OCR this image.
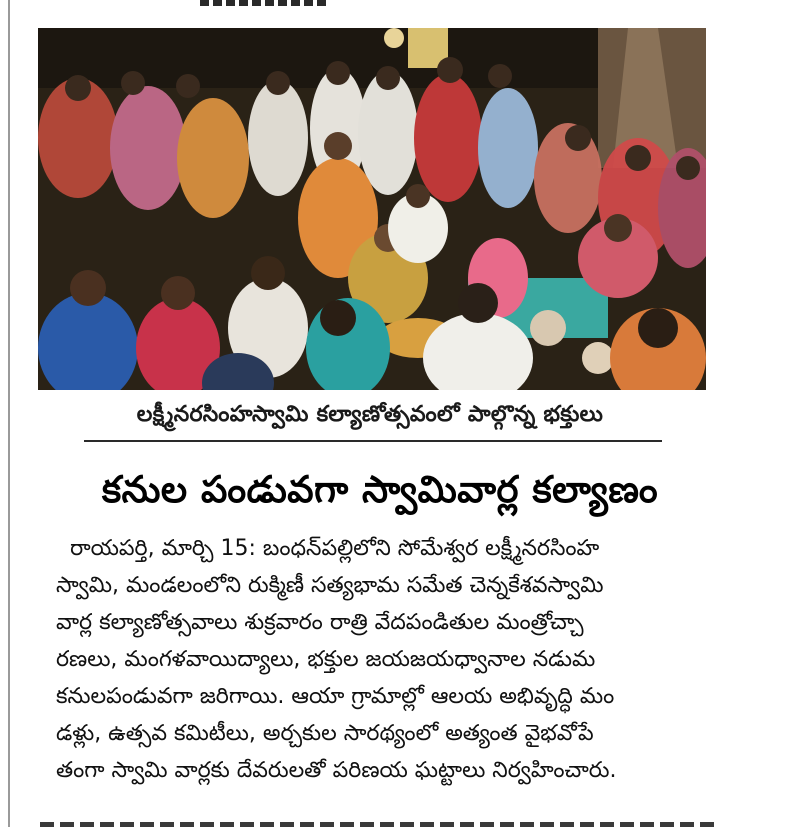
లక్ష్మీనరసింహస్వామి కల్యాణోత్సవంలో పాల్గొన్న భక్తులు
కనుల పండువగా స్వామివార్ల కల్యాణం
రాయపర్తి, మార్చి 15: బంధన్‌పల్లిలోని సోమేశ్వర లక్ష్మీనరసింహ
స్వామి, మండలంలోని రుక్మిణీ సత్యభామ సమేత చెన్నకేశవస్వామి
వార్ల కల్యాణోత్సవాలు శుక్రవారం రాత్రి వేదపండితుల మంత్రోచ్చా
రణలు, మంగళవాయిద్యాలు, భక్తుల జయజయధ్వానాల నడుమ
కనులపండువగా జరిగాయి. ఆయా గ్రామాల్లో ఆలయ అభివృద్ధి మం
డళ్లు, ఉత్సవ కమిటీలు, అర్చకుల సారథ్యంలో అత్యంత వైభవోపే
తంగా స్వామి వార్లకు దేవరులతో పరిణయ ఘట్టాలు నిర్వహించారు.
